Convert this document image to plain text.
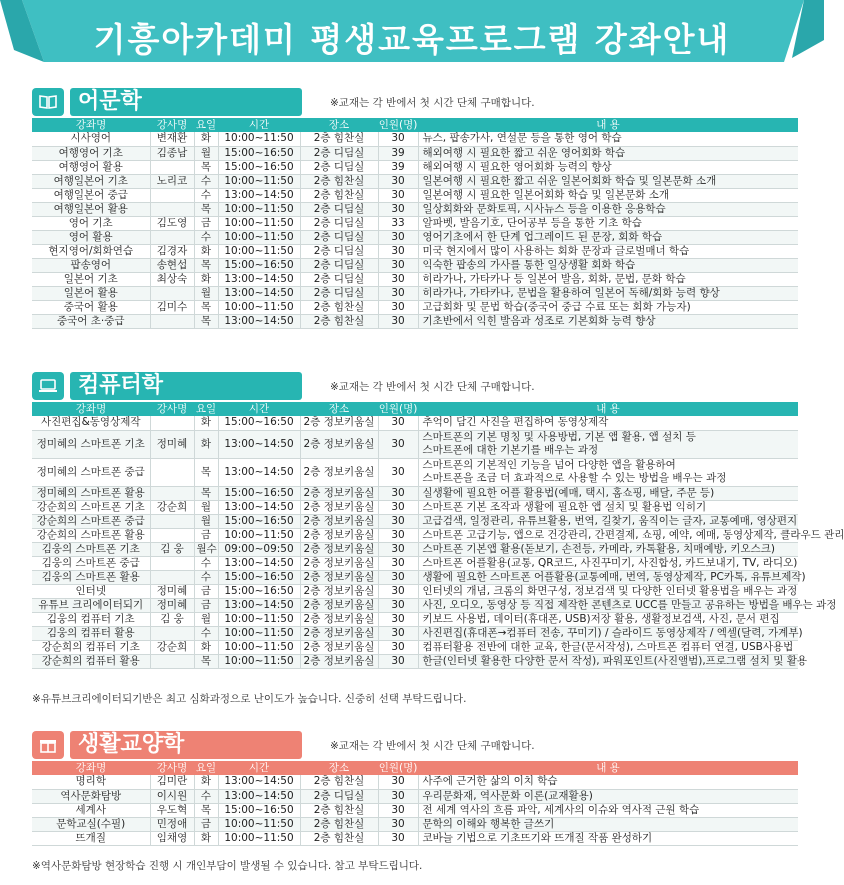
기흥아카데미 평생교육프로그램 강좌안내
어문학	※교재는 각 반에서 첫 시간 단체 구매합니다.
강좌명	강사명	요일	시간	장소	인원(명)	내 용
시사영어	변재환	화	10:00~11:50	2층 힘찬실	30	뉴스, 팝송가사, 연설문 등을 통한 영어 학습
여행영어 기초	김종남	월	15:00~16:50	2층 디딤실	39	해외여행 시 필요한 짧고 쉬운 영어회화 학습
여행영어 활용		목	15:00~16:50	2층 디딤실	39	해외여행 시 필요한 영어회화 능력의 향상
여행일본어 기초	노리코	수	10:00~11:50	2층 힘찬실	30	일본여행 시 필요한 짧고 쉬운 일본어회화 학습 및 일본문화 소개
여행일본어 중급		수	13:00~14:50	2층 힘찬실	30	일본여행 시 필요한 일본어회화 학습 및 일본문화 소개
여행일본어 활용		목	10:00~11:50	2층 디딤실	30	일상회화와 문화토픽, 시사뉴스 등을 이용한 응용학습
영어 기초	김도영	금	10:00~11:50	2층 디딤실	33	알파벳, 발음기호, 단어공부 등을 통한 기초 학습
영어 활용		수	10:00~11:50	2층 디딤실	30	영어기초에서 한 단계 업그레이드 된 문장, 회화 학습
현지영어/회화연습	김경자	화	10:00~11:50	2층 디딤실	30	미국 현지에서 많이 사용하는 회화 문장과 글로벌매너 학습
팝송영어	송현섭	목	15:00~16:50	2층 디딤실	30	익숙한 팝송의 가사를 통한 일상생활 회화 학습
일본어 기초	최상숙	화	13:00~14:50	2층 디딤실	30	히라가나, 가타카나 등 일본어 발음, 회화, 문법, 문화 학습
일본어 활용		월	13:00~14:50	2층 디딤실	30	히라가나, 가타카나, 문법을 활용하여 일본어 독해/회화 능력 향상
중국어 활용	김미수	목	10:00~11:50	2층 힘찬실	30	고급회화 및 문법 학습(중국어 중급 수료 또는 회화 가능자)
중국어 초·중급		목	13:00~14:50	2층 힘찬실	30	기초반에서 익힌 발음과 성조로 기본회화 능력 향상
컴퓨터학	※교재는 각 반에서 첫 시간 단체 구매합니다.
강좌명	강사명	요일	시간	장소	인원(명)	내 용
사진편집&동영상제작		화	15:00~16:50	2층 정보키움실	30	추억이 담긴 사진을 편집하여 동영상제작
정미혜의 스마트폰 기초	정미혜	화	13:00~14:50	2층 정보키움실	30	스마트폰의 기본 명칭 및 사용방법, 기본 앱 활용, 앱 설치 등
스마트폰에 대한 기본기를 배우는 과정

정미혜의 스마트폰 중급		목	13:00~14:50	2층 정보키움실	30	스마트폰의 기본적인 기능을 넘어 다양한 앱을 활용하여
스마트폰을 조금 더 효과적으로 사용할 수 있는 방법을 배우는 과정

정미혜의 스마트폰 활용		목	15:00~16:50	2층 정보키움실	30	실생활에 필요한 어플 활용법(예매, 택시, 홈쇼핑, 배달, 주문 등)
강순희의 스마트폰 기초	강순희	월	13:00~14:50	2층 정보키움실	30	스마트폰 기본 조작과 생활에 필요한 앱 설치 및 활용법 익히기
강순희의 스마트폰 중급		월	15:00~16:50	2층 정보키움실	30	고급검색, 일정관리, 유튜브활용, 번역, 길찾기, 움직이는 글자, 교통예매, 영상편지
강순희의 스마트폰 활용		금	10:00~11:50	2층 정보키움실	30	스마트폰 고급기능, 앱으로 건강관리, 간편결제, 쇼핑, 예약, 예매, 동영상제작, 클라우드 관리
김웅의 스마트폰 기초	김 웅	월수	09:00~09:50	2층 정보키움실	30	스마트폰 기본앱 활용(돋보기, 손전등, 카메라, 카톡활용, 치매예방, 키오스크)
김웅의 스마트폰 중급		수	13:00~14:50	2층 정보키움실	30	스마트폰 어플활용(교통, QR코드, 사진꾸미기, 사진합성, 카드보내기, TV, 라디오)
김웅의 스마트폰 활용		수	15:00~16:50	2층 정보키움실	30	생활에 필요한 스마트폰 어플활용(교통예매, 번역, 동영상제작, PC카톡, 유튜브제작)
인터넷	정미혜	금	15:00~16:50	2층 정보키움실	30	인터넷의 개념, 크롬의 화면구성, 정보검색 및 다양한 인터넷 활용법을 배우는 과정
유튜브 크리에이터되기	정미혜	금	13:00~14:50	2층 정보키움실	30	사진, 오디오, 동영상 등 직접 제작한 콘텐츠로 UCC를 만들고 공유하는 방법을 배우는 과정
김웅의 컴퓨터 기초	김 웅	월	10:00~11:50	2층 정보키움실	30	키보드 사용법, 데이터(휴대폰, USB)저장 활용, 생활정보검색, 사진, 문서 편집
김웅의 컴퓨터 활용		수	10:00~11:50	2층 정보키움실	30	사진편집(휴대폰→컴퓨터 전송, 꾸미기) / 슬라이드 동영상제작 / 엑셀(달력, 가계부)
강순희의 컴퓨터 기초	강순희	화	10:00~11:50	2층 정보키움실	30	컴퓨터활용 전반에 대한 교육, 한글(문서작성), 스마트폰 컴퓨터 연결, USB사용법
강순희의 컴퓨터 활용		목	10:00~11:50	2층 정보키움실	30	한글(인터넷 활용한 다양한 문서 작성), 파워포인트(사진앨범),프로그램 설치 및 활용
※유튜브크리에이터되기반은 최고 심화과정으로 난이도가 높습니다. 신중히 선택 부탁드립니다.
생활교양학	※교재는 각 반에서 첫 시간 단체 구매합니다.
강좌명	강사명	요일	시간	장소	인원(명)	내 용
명리학	김미란	화	13:00~14:50	2층 힘찬실	30	사주에 근거한 삶의 이치 학습
역사문화탐방	이시원	수	13:00~14:50	2층 디딤실	30	우리문화재, 역사문화 이론(교재활용)
세계사	우도혁	목	15:00~16:50	2층 힘찬실	30	전 세계 역사의 흐름 파악, 세계사의 이슈와 역사적 근원 학습
문학교실(수필)	민정애	금	10:00~11:50	2층 힘찬실	30	문학의 이해와 행복한 글쓰기
뜨개질	임채영	화	10:00~11:50	2층 힘찬실	30	코바늘 기법으로 기초뜨기와 뜨개질 작품 완성하기
※역사문화탐방 현장학습 진행 시 개인부담이 발생될 수 있습니다. 참고 부탁드립니다.
